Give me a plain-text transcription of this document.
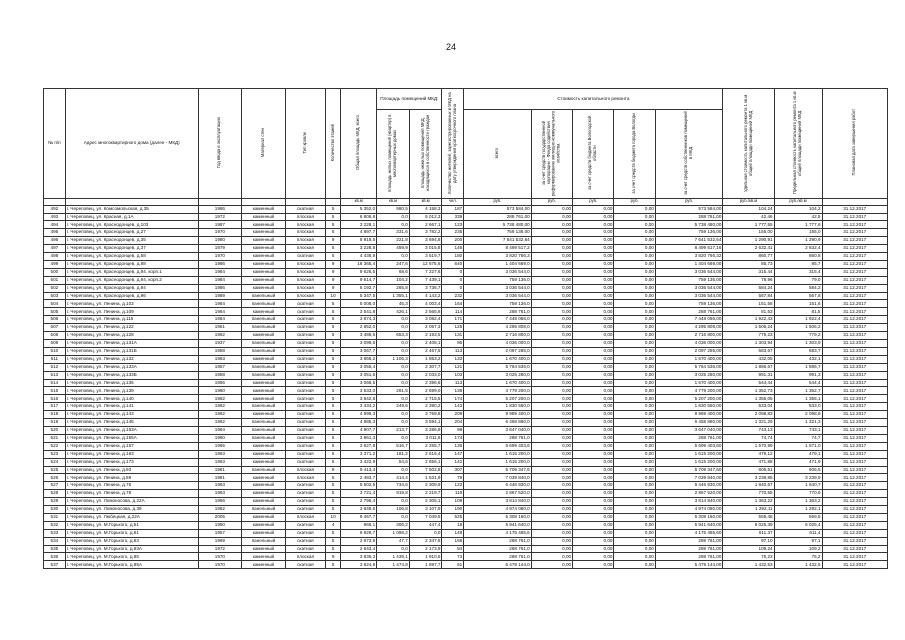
24
№ п/п	Адрес многоквартирного дома (далее - МКД)	Год ввода в эксплуатацию	Материал стен	Тип кровли	Количество этажей	Общая площадь МКД, всего	Площадь помещений МКД:		Количество жителей, зарегистрированных в МКД на дату утверждения краткосрочного плана	Стоимость капитального ремонта					Удельная стоимость капитального ремонта 1 кв.м общей площади помещений МКД	Предельная стоимость капитального ремонта 1 кв.м общей площади помещений МКД	Плановая дата завершения работ
							площадь жилых помещений (квартир) в многоквартирных домах	площадь нежилых помещений МКД, находящихся в собственности граждан		всего	за счет средств государственной корпорации - Фонда содействия реформированию жилищно-коммунального хозяйства	за счет средств бюджета Вологодской области	за счет средств бюджета города Вологды	за счет средств собственников помещений в МКД			
						кв.м	кв.м	кв.м	чел.	руб.	руб.	руб.	руб.	руб.	руб./кв.м	руб./кв.м	
492	г. Череповец, ул. Комсомольская, д.35	1986	каменный	скатная	5	5 352,0	980,5	4 158,3	187	573 584,00	0,00	0,00	0,00	573 584,00	104,24	104,2	31.12.2017
493	г. Череповец, ул. Красная, д.1А	1972	каменный	плоская	5	6 806,8	0,0	5 012,3	339	288 761,00	0,00	0,00	0,00	288 761,00	42,46	42,5	31.12.2017
494	г. Череповец, ул. Краснодонцев, д.103	1987	каменный	плоская	5	3 228,1	0,0	2 667,1	123	5 738 480,00	0,00	0,00	0,00	5 738 480,00	1 777,55	1 777,6	31.12.2017
495	г. Череповец, ул. Краснодонцев, д.27	1970	каменный	плоская	5	4 897,7	331,6	3 782,2	235	759 136,00	0,00	0,00	0,00	759 136,00	155,00	155,0	31.12.2017
496	г. Череповец, ул. Краснодонцев, д.35	1980	каменный	плоская	9	5 919,5	221,8	3 694,8	200	7 641 532,64	0,00	0,00	0,00	7 641 532,64	1 290,91	1 290,9	31.12.2017
497	г. Череповец, ул. Краснодонцев, д.37	1979	каменный	плоская	5	3 228,8	459,9	3 015,8	146	8 499 517,2	0,00	0,00	0,00	8 499 517,16	2 632,41	2 632,4	31.12.2017
498	г. Череповец, ул. Краснодонцев, д.58	1970	каменный	скатная	5	4 438,8	0,0	3 519,7	180	3 820 766,3	0,00	0,00	0,00	3 820 766,32	860,77	860,8	31.12.2017
499	г. Череповец, ул. Краснодонцев, д.88	1986	каменный	плоская	9	16 365,4	247,6	12 675,6	640	1 404 669,0	0,00	0,00	0,00	1 404 669,00	85,73	85,7	31.12.2017
500	г. Череповец, ул. Краснодонцев, д.94, корп.1	1984	каменный	плоская	9	9 626,5	68,6	7 227,6	0	3 036 544,0	0,00	0,00	0,00	3 036 544,00	315,44	315,4	31.12.2017
501	г. Череповец, ул. Краснодонцев, д.94, корп.2	1984	каменный	плоская	9	9 614,7	104,2	7 439,1	0	759 136,0	0,00	0,00	0,00	759 136,00	78,96	79,0	31.12.2017
502	г. Череповец, ул. Краснодонцев, д.94	1986	каменный	плоская	9	5 192,7	265,8	3 736,7	0	3 036 544,0	0,00	0,00	0,00	3 036 544,00	584,24	584,2	31.12.2017
503	г. Череповец, ул. Краснодонцев, д.96	1989	панельный	плоская	10	5 347,5	1 355,1	4 143,2	232	3 036 544,0	0,00	0,00	0,00	3 036 544,00	567,84	567,8	31.12.2017
504	г. Череповец, ул. Ленина, д.103	1984	панельный	скатная	5	5 008,0	45,3	4 003,4	164	759 136,0	0,00	0,00	0,00	759 136,00	151,58	151,6	31.12.2017
505	г. Череповец, ул. Ленина, д.109	1964	каменный	скатная	5	3 541,8	426,1	2 565,6	114	288 761,0	0,00	0,00	0,00	288 761,00	81,53	81,5	31.12.2017
506	г. Череповец, ул. Ленина, д.115	1964	панельный	скатная	5	3 874,3	0,0	3 082,4	171	7 448 056,0	0,00	0,00	0,00	7 448 056,00	1 922,43	1 922,4	31.12.2017
507	г. Череповец, ул. Ленина, д.122	1961	панельный	скатная	5	2 852,0	0,0	2 057,3	125	4 295 808,0	0,00	0,00	0,00	4 295 808,00	1 506,24	1 506,2	31.12.2017
508	г. Череповец, ул. Ленина, д.128	1962	каменный	скатная	5	3 486,5	653,3	2 193,5	131	2 716 800,0	0,00	0,00	0,00	2 716 800,00	779,23	779,2	31.12.2017
509	г. Череповец, ул. Ленина, д.131А	1937	панельный	скатная	5	3 098,6	0,0	2 408,1	95	4 036 000,0	0,00	0,00	0,00	4 036 000,00	1 303,94	1 303,9	31.12.2017
510	г. Череповец, ул. Ленина, д.131Б	1958	панельный	скатная	5	3 067,7	0,0	2 467,5	113	2 097 285,0	0,00	0,00	0,00	2 097 285,00	683,67	683,7	31.12.2017
511	г. Череповец, ул. Ленина, д.132	1963	каменный	скатная	5	3 866,2	1 106,3	1 853,2	133	1 670 400,0	0,00	0,00	0,00	1 670 400,00	432,05	432,1	31.12.2017
512	г. Череповец, ул. Ленина, д.133А	1957	панельный	скатная	5	3 055,4	0,0	2 307,7	121	5 764 536,0	0,00	0,00	0,00	5 764 536,00	1 886,67	1 886,7	31.12.2017
513	г. Череповец, ул. Ленина, д.133Б	1958	панельный	скатная	5	3 051,6	0,0	2 033,0	103	3 025 280,0	0,00	0,00	0,00	3 025 280,00	991,31	991,3	31.12.2017
514	г. Череповец, ул. Ленина, д.135	1956	каменный	скатная	5	3 068,5	0,0	2 396,8	113	1 670 400,0	0,00	0,00	0,00	1 670 400,00	544,44	544,4	31.12.2017
515	г. Череповец, ул. Ленина, д.139	1960	каменный	скатная	5	3 533,0	261,5	2 699,0	139	4 779 200,0	0,00	0,00	0,00	4 779 200,00	1 352,73	1 352,7	31.12.2017
516	г. Череповец, ул. Ленина, д.140	1962	каменный	скатная	5	3 842,8	0,0	2 715,5	174	5 207 200,0	0,00	0,00	0,00	5 207 200,00	1 355,05	1 355,1	31.12.2017
517	г. Череповец, ул. Ленина, д.141	1962	панельный	скатная	5	3 434,2	249,6	2 390,2	143	1 830 550,0	0,00	0,00	0,00	1 830 550,00	533,04	533,0	31.12.2017
518	г. Череповец, ул. Ленина, д.143	1962	каменный	скатная	5	4 999,3	0,0	3 759,8	209	9 989 400,0	0,00	0,00	0,00	9 989 400,00	2 098,83	2 098,8	31.12.2017
519	г. Череповец, ул. Ленина, д.145	1962	панельный	скатная	5	4 885,3	0,0	3 594,1	204	6 458 860,0	0,00	0,00	0,00	6 458 860,00	1 321,29	1 321,3	31.12.2017
520	г. Череповец, ул. Ленина, д.153А	1964	панельный	скатная	5	4 907,7	213,7	3 286,9	98	3 647 040,0	0,00	0,00	0,00	3 647 040,00	743,13	743,1	31.12.2017
521	г. Череповец, ул. Ленина, д.155А	1960	панельный	скатная	5	3 861,3	0,0	3 011,6	174	288 761,0	0,00	0,00	0,00	288 761,00	74,74	74,7	31.12.2017
522	г. Череповец, ул. Ленина, д.157	1965	каменный	скатная	5	3 627,8	516,7	2 255,7	136	5 699 403,6	0,00	0,00	0,00	5 699 403,60	1 570,99	1 571,0	31.12.2017
523	г. Череповец, ул. Ленина, д.163	1963	каменный	скатная	5	3 371,2	181,2	2 616,4	147	1 615 200,0	0,00	0,00	0,00	1 615 200,00	479,12	479,1	31.12.2017
524	г. Череповец, ул. Ленина, д.173	1963	каменный	скатная	5	3 422,9	54,6	2 656,1	142	1 615 200,0	0,00	0,00	0,00	1 615 200,00	471,88	471,9	31.12.2017
525	г. Череповец, ул. Ленина, д.93	1981	панельный	плоская	9	9 413,4	0,0	7 502,8	307	5 709 347,6	0,00	0,00	0,00	5 709 347,60	606,51	606,5	31.12.2017
526	г. Череповец, ул. Ленина, д.59	1981	каменный	плоская	5	2 483,7	414,4	1 531,9	79	7 039 840,0	0,00	0,00	0,00	7 039 840,00	3 239,85	3 239,9	31.12.2017
527	г. Череповец, ул. Ленина, д.76	1963	каменный	скатная	5	5 502,5	734,6	2 309,9	122	6 446 930,0	0,00	0,00	0,00	6 446 930,00	1 840,67	1 840,7	31.12.2017
528	г. Череповец, ул. Ленина, д.78	1963	каменный	скатная	5	3 721,4	919,8	2 219,7	118	2 867 520,0	0,00	0,00	0,00	2 867 520,00	770,55	770,6	31.12.2017
529	г. Череповец, ул. Ломоносова, д.22А	1966	каменный	скатная	5	2 796,4	0,0	2 305,1	109	3 814 840,0	0,00	0,00	0,00	3 814 840,00	1 363,22	1 363,2	31.12.2017
530	г. Череповец, ул. Ломоносова, д.39	1962	панельный	скатная	5	3 849,6	106,8	3 107,9	190	4 974 080,0	0,00	0,00	0,00	4 974 080,00	1 292,11	1 292,1	31.12.2017
531	г. Череповец, ул. Любецкая, д.22А	2005	каменный	плоская	10	9 467,7	0,0	7 049,5	525	5 308 160,0	0,00	0,00	0,00	5 308 160,00	559,48	559,5	31.12.2017
532	г. Череповец, ул. М.Горького, д.51	1950	каменный	скатная	4	966,1	306,2	447,4	18	5 941 640,0	0,00	0,00	0,00	5 941 640,00	6 025,39	6 025,4	31.12.2017
533	г. Череповец, ул. М.Горького, д.61	1957	каменный	скатная	5	6 829,7	1 098,2	0,0	148	4 175 485,6	0,00	0,00	0,00	4 175 485,60	611,37	611,4	31.12.2017
534	г. Череповец, ул. М.Горького, д.63	1969	панельный	скатная	5	2 973,9	47,7	2 347,6	168	288 761,0	0,00	0,00	0,00	288 761,00	97,10	97,1	31.12.2017
535	г. Череповец, ул. М.Горького, д.83А	1972	каменный	скатная	5	2 643,4	0,0	2 173,9	84	288 761,0	0,00	0,00	0,00	288 761,00	109,24	109,2	31.12.2017
536	г. Череповец, ул. М.Горького, д.85	1970	каменный	плоская	9	3 836,3	1 439,1	1 910,5	73	288 761,0	0,00	0,00	0,00	288 761,00	75,23	75,2	31.12.2017
537	г. Череповец, ул. М.Горького, д.85А	1970	каменный	скатная	5	3 824,8	1 474,8	1 897,7	61	5 479 144,0	0,00	0,00	0,00	5 479 144,00	1 432,53	1 432,5	31.12.2017
